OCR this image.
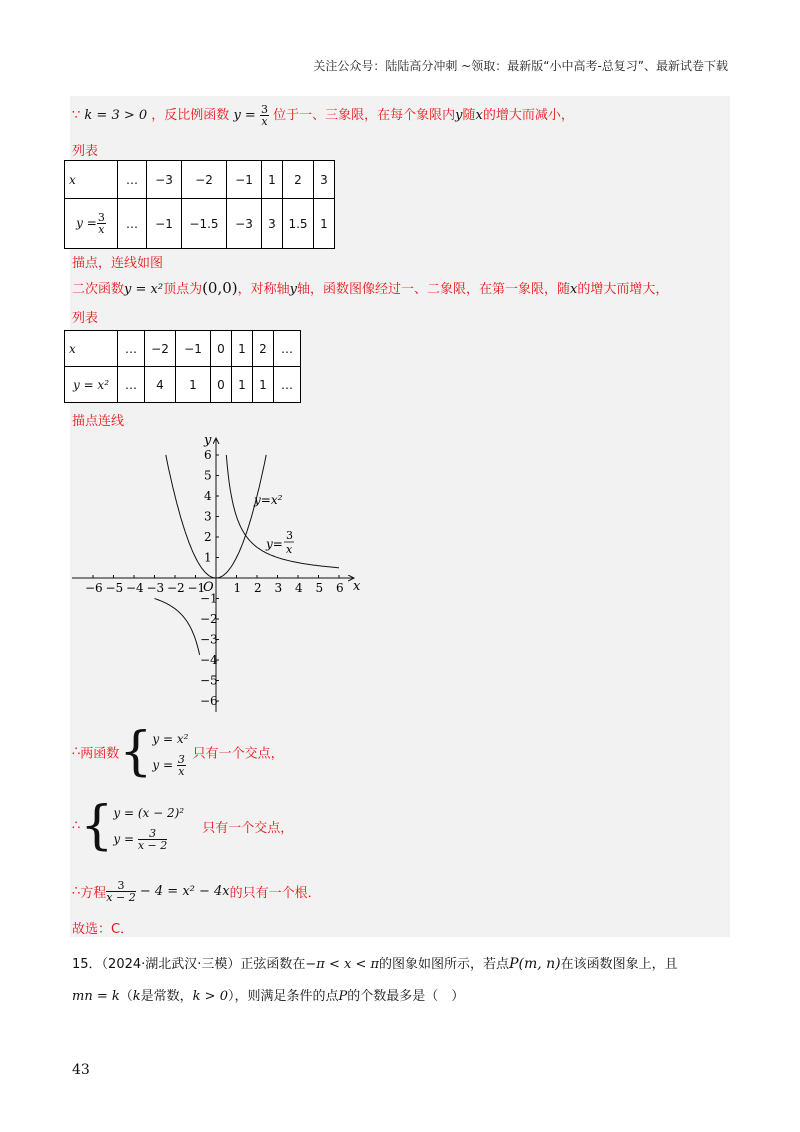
关注公众号：陆陆高分冲刺 ~领取：最新版“小中高考-总复习”、最新试卷下载
∵ k = 3 > 0 ，反比例函数 $y = \frac{3}{x}$ 位于一、三象限，在每个象限内y随x的增大而减小，
列表
x	…	−3	−2	−1	1	2	3
$y = \frac{3}{x}$	…	−1	−1.5	−3	3	1.5	1
描点，连线如图
二次函数y = x²顶点为(0,0)，对称轴y轴，函数图像经过一、二象限，在第一象限，随x的增大而增大，
列表
x	…	−2	−1	0	1	2	…
y = x²	…	4	1	0	1	1	…
描点连线
−6 −5 −4 −3 −2 −1 1 2 3 4 5 6
6
5
4
3
2
1
−1
−2
−3
−4
−5
−6
y
x
O
y=x²
y=
3
x
∴两函数{ y = x²
$y = \frac{3}{x}$ 只有一个交点，
∴{ y = (x − 2)²
$y = \frac{3}{x - 2}$	只有一个交点，
∴方程 $\frac{3}{x - 2} - 4 = x^2 - 4x$的只有一个根．
故选：C．
15．（2024·湖北武汉·三模）正弦函数在−π < x < π的图象如图所示，若点P(m, n)在该函数图象上，且
mn = k（k是常数，k > 0），则满足条件的点P的个数最多是（　）
43
